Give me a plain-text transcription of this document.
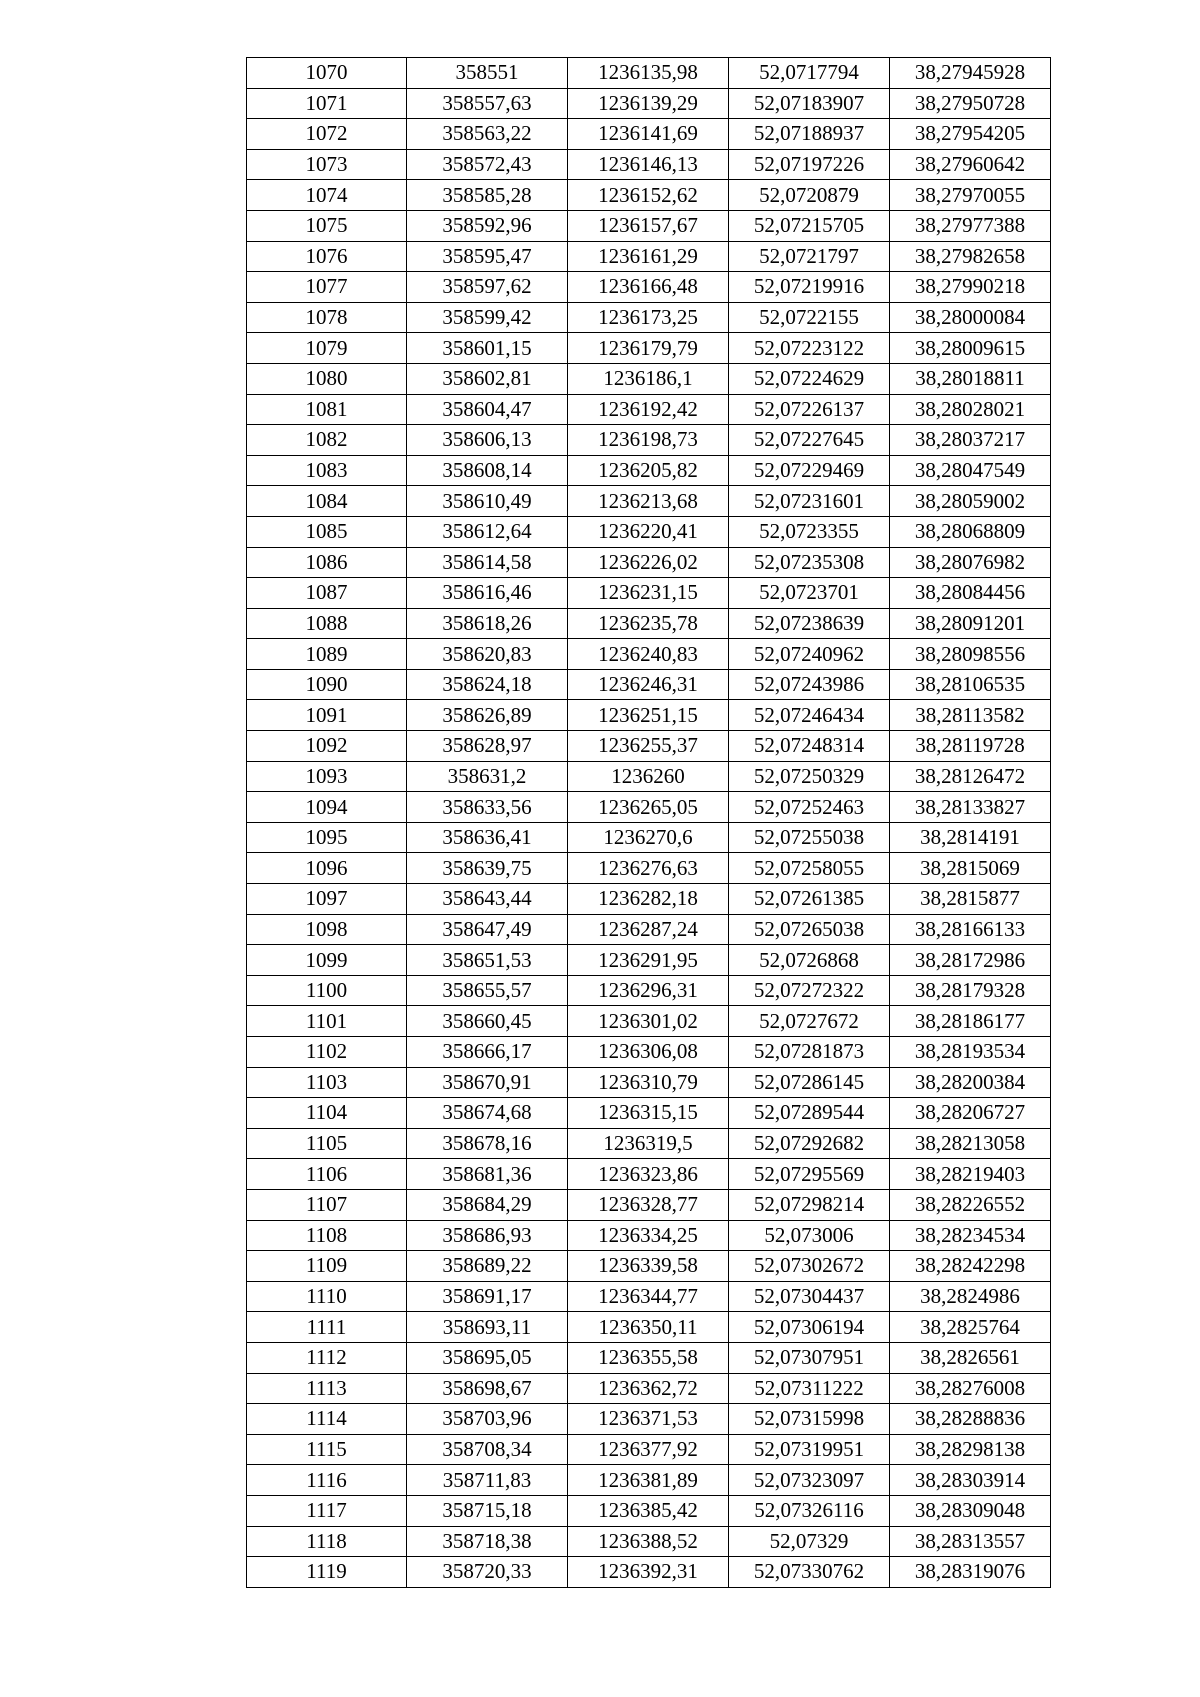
1070	358551	1236135,98	52,0717794	38,27945928
1071	358557,63	1236139,29	52,07183907	38,27950728
1072	358563,22	1236141,69	52,07188937	38,27954205
1073	358572,43	1236146,13	52,07197226	38,27960642
1074	358585,28	1236152,62	52,0720879	38,27970055
1075	358592,96	1236157,67	52,07215705	38,27977388
1076	358595,47	1236161,29	52,0721797	38,27982658
1077	358597,62	1236166,48	52,07219916	38,27990218
1078	358599,42	1236173,25	52,0722155	38,28000084
1079	358601,15	1236179,79	52,07223122	38,28009615
1080	358602,81	1236186,1	52,07224629	38,28018811
1081	358604,47	1236192,42	52,07226137	38,28028021
1082	358606,13	1236198,73	52,07227645	38,28037217
1083	358608,14	1236205,82	52,07229469	38,28047549
1084	358610,49	1236213,68	52,07231601	38,28059002
1085	358612,64	1236220,41	52,0723355	38,28068809
1086	358614,58	1236226,02	52,07235308	38,28076982
1087	358616,46	1236231,15	52,0723701	38,28084456
1088	358618,26	1236235,78	52,07238639	38,28091201
1089	358620,83	1236240,83	52,07240962	38,28098556
1090	358624,18	1236246,31	52,07243986	38,28106535
1091	358626,89	1236251,15	52,07246434	38,28113582
1092	358628,97	1236255,37	52,07248314	38,28119728
1093	358631,2	1236260	52,07250329	38,28126472
1094	358633,56	1236265,05	52,07252463	38,28133827
1095	358636,41	1236270,6	52,07255038	38,2814191
1096	358639,75	1236276,63	52,07258055	38,2815069
1097	358643,44	1236282,18	52,07261385	38,2815877
1098	358647,49	1236287,24	52,07265038	38,28166133
1099	358651,53	1236291,95	52,0726868	38,28172986
1100	358655,57	1236296,31	52,07272322	38,28179328
1101	358660,45	1236301,02	52,0727672	38,28186177
1102	358666,17	1236306,08	52,07281873	38,28193534
1103	358670,91	1236310,79	52,07286145	38,28200384
1104	358674,68	1236315,15	52,07289544	38,28206727
1105	358678,16	1236319,5	52,07292682	38,28213058
1106	358681,36	1236323,86	52,07295569	38,28219403
1107	358684,29	1236328,77	52,07298214	38,28226552
1108	358686,93	1236334,25	52,073006	38,28234534
1109	358689,22	1236339,58	52,07302672	38,28242298
1110	358691,17	1236344,77	52,07304437	38,2824986
1111	358693,11	1236350,11	52,07306194	38,2825764
1112	358695,05	1236355,58	52,07307951	38,2826561
1113	358698,67	1236362,72	52,07311222	38,28276008
1114	358703,96	1236371,53	52,07315998	38,28288836
1115	358708,34	1236377,92	52,07319951	38,28298138
1116	358711,83	1236381,89	52,07323097	38,28303914
1117	358715,18	1236385,42	52,07326116	38,28309048
1118	358718,38	1236388,52	52,07329	38,28313557
1119	358720,33	1236392,31	52,07330762	38,28319076
